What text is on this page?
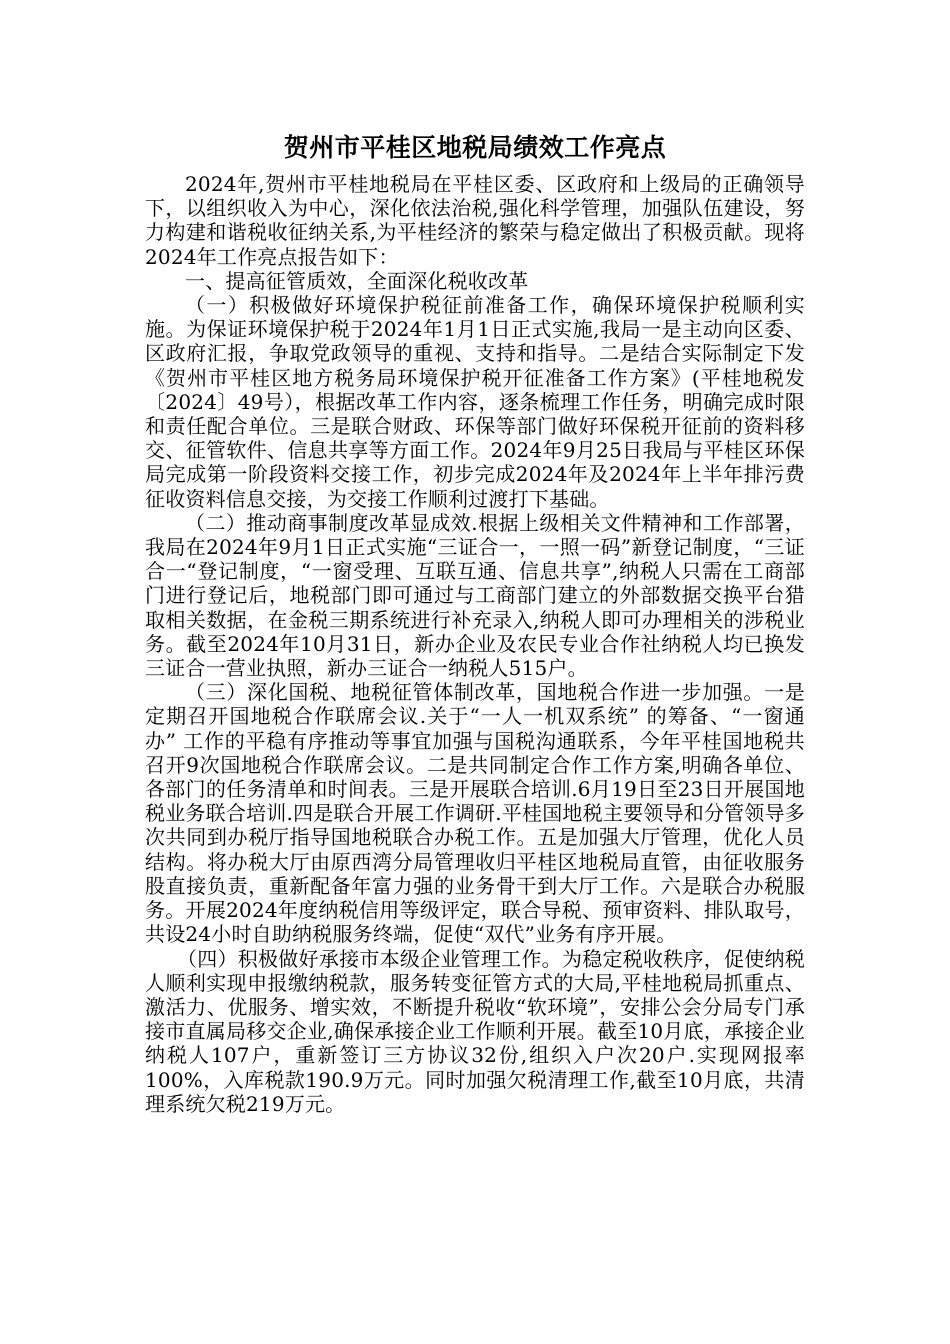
贺州市平桂区地税局绩效工作亮点

2024年,贺州市平桂地税局在平桂区委、区政府和上级局的正确领导下，以组织收入为中心，深化依法治税,强化科学管理，加强队伍建设，努力构建和谐税收征纳关系,为平桂经济的繁荣与稳定做出了积极贡献。现将2024年工作亮点报告如下：

一、提高征管质效，全面深化税收改革

（一）积极做好环境保护税征前准备工作，确保环境保护税顺利实施。为保证环境保护税于2024年1月1日正式实施,我局一是主动向区委、区政府汇报，争取党政领导的重视、支持和指导。二是结合实际制定下发《贺州市平桂区地方税务局环境保护税开征准备工作方案》(平桂地税发〔2024〕49号），根据改革工作内容，逐条梳理工作任务，明确完成时限和责任配合单位。三是联合财政、环保等部门做好环保税开征前的资料移交、征管软件、信息共享等方面工作。2024年9月25日我局与平桂区环保局完成第一阶段资料交接工作，初步完成2024年及2024年上半年排污费征收资料信息交接，为交接工作顺利过渡打下基础。

（二）推动商事制度改革显成效.根据上级相关文件精神和工作部署，我局在2024年9月1日正式实施“三证合一，一照一码”新登记制度，“三证合一“登记制度，“一窗受理、互联互通、信息共享”,纳税人只需在工商部门进行登记后，地税部门即可通过与工商部门建立的外部数据交换平台猎取相关数据，在金税三期系统进行补充录入,纳税人即可办理相关的涉税业务。截至2024年10月31日，新办企业及农民专业合作社纳税人均已换发三证合一营业执照，新办三证合一纳税人515户。

（三）深化国税、地税征管体制改革，国地税合作进一步加强。一是定期召开国地税合作联席会议.关于“一人一机双系统” 的筹备、“一窗通办” 工作的平稳有序推动等事宜加强与国税沟通联系，今年平桂国地税共召开9次国地税合作联席会议。二是共同制定合作工作方案,明确各单位、各部门的任务清单和时间表。三是开展联合培训.6月19日至23日开展国地税业务联合培训.四是联合开展工作调研.平桂国地税主要领导和分管领导多次共同到办税厅指导国地税联合办税工作。五是加强大厅管理，优化人员结构。将办税大厅由原西湾分局管理收归平桂区地税局直管，由征收服务股直接负责，重新配备年富力强的业务骨干到大厅工作。六是联合办税服务。开展2024年度纳税信用等级评定，联合导税、预审资料、排队取号，共设24小时自助纳税服务终端，促使“双代”业务有序开展。

（四）积极做好承接市本级企业管理工作。为稳定税收秩序，促使纳税人顺利实现申报缴纳税款，服务转变征管方式的大局,平桂地税局抓重点、激活力、优服务、增实效，不断提升税收“软环境”，安排公会分局专门承接市直属局移交企业,确保承接企业工作顺利开展。截至10月底，承接企业纳税人107户，重新签订三方协议32份,组织入户次20户.实现网报率100%，入库税款190.9万元。同时加强欠税清理工作,截至10月底，共清理系统欠税219万元。
